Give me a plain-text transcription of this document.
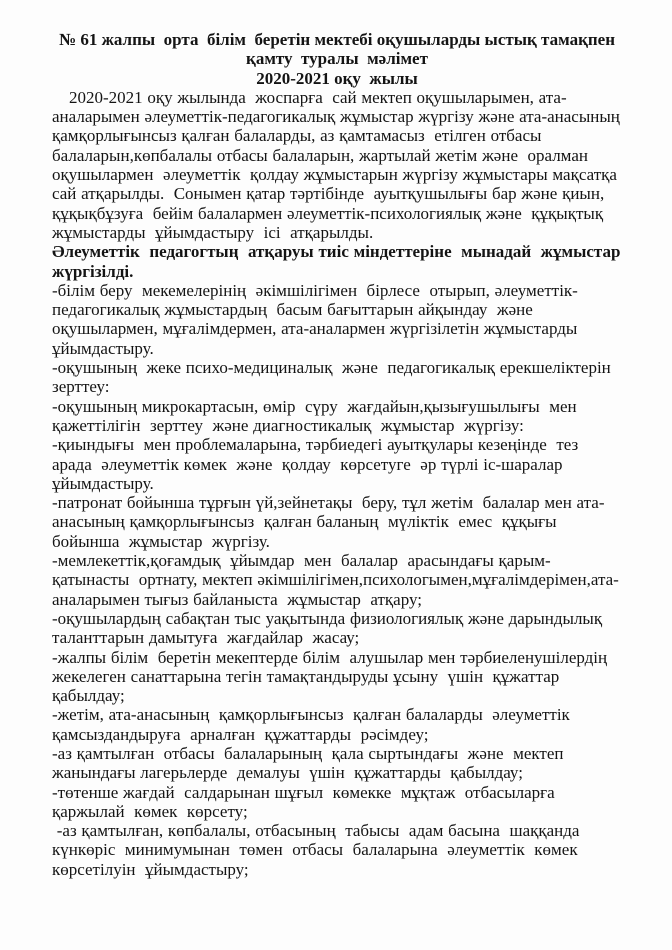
№ 61 жалпы  орта  білім  беретін мектебі оқушыларды ыстық тамақпен
қамту  туралы  мәлімет
2020-2021 оқу  жылы

2020-2021 оқу жылында  жоспарға  сай мектеп оқушыларымен, ата-аналарымен әлеуметтік-педагогикалық жұмыстар жүргізу және ата-анасының қамқорлығынсыз қалған балаларды, аз қамтамасыз  етілген отбасы балаларын,көпбалалы отбасы балаларын, жартылай жетім және  оралман оқушылармен  әлеуметтік  қолдау жұмыстарын жүргізу жұмыстары мақсатқа сай атқарылды.  Сонымен қатар тәртібінде  ауытқушылығы бар және қиын, құқықбұзуға  бейім балалармен әлеуметтік-психологиялық және  құқықтық жұмыстарды  ұйымдастыру  ісі  атқарылды.

Әлеуметтік  педагогтың  атқаруы тиіс міндеттеріне  мынадай  жұмыстар жүргізілді.

-білім беру  мекемелерінің  әкімшілігімен  бірлесе  отырып, әлеуметтік-педагогикалық жұмыстардың  басым бағыттарын айқындау  және оқушылармен, мұғалімдермен, ата-аналармен жүргізілетін жұмыстарды ұйымдастыру.

-оқушының  жеке психо-медициналық  және  педагогикалық ерекшеліктерін зерттеу:

-оқушының микрокартасын, өмір  сүру  жағдайын,қызығушылығы  мен қажеттілігін  зерттеу  және диагностикалық  жұмыстар  жүргізу:

-қиындығы  мен проблемаларына, тәрбиедегі ауытқулары кезеңінде  тез арада  әлеуметтік көмек  және  қолдау  көрсетуге  әр түрлі іс-шаралар ұйымдастыру.

-патронат бойынша тұрғын үй,зейнетақы  беру, тұл жетім  балалар мен ата-анасының қамқорлығынсыз  қалған баланың  мүліктік  емес  құқығы бойынша  жұмыстар  жүргізу.

-мемлекеттік,қоғамдық  ұйымдар  мен  балалар  арасындағы қарым-қатынасты  ортнату, мектеп әкімшілігімен,психологымен,мұғалімдерімен,ата-аналарымен тығыз байланыста  жұмыстар  атқару;

-оқушылардың сабақтан тыс уақытында физиологиялық және дарындылық таланттарын дамытуға  жағдайлар  жасау;

-жалпы білім  беретін мекептерде білім  алушылар мен тәрбиеленушілердің жекелеген санаттарына тегін тамақтандыруды ұсыну  үшін  құжаттар қабылдау;

-жетім, ата-анасының  қамқорлығынсыз  қалған балаларды  әлеуметтік қамсыздандыруға  арналған  құжаттарды  рәсімдеу;

-аз қамтылған  отбасы  балаларының  қала сыртындағы  және  мектеп жанындағы лагерьлерде  демалуы  үшін  құжаттарды  қабылдау;

-төтенше жағдай  салдарынан шұғыл  көмекке  мұқтаж  отбасыларға қаржылай  көмек  көрсету;

-аз қамтылған, көпбалалы, отбасының  табысы  адам басына  шаққанда күнкөріс  минимумынан  төмен  отбасы  балаларына  әлеуметтік  көмек көрсетілуін  ұйымдастыру;
